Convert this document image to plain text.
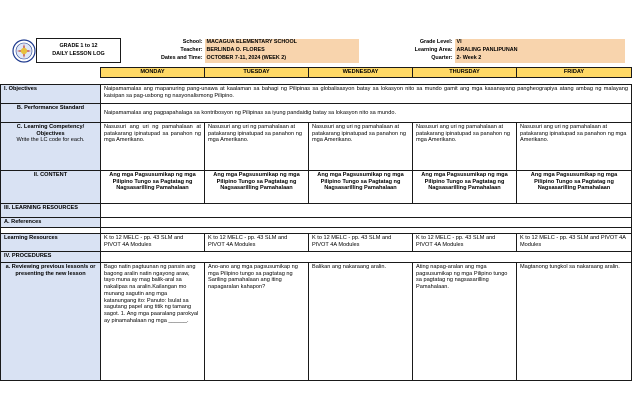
GRADE 1 to 12
DAILY LESSON LOG	School:	MACAGUA ELEMENTARY SCHOOL		Grade Level:	VI
	Teacher:	BERLINDA O. FLORES		Learning Area:	ARALING PANLIPUNAN
	Dates and Time:	OCTOBER 7-11, 2024 (WEEK 2)		Quarter:	2- Week 2
	MONDAY	TUESDAY	WEDNESDAY	THURSDAY	FRIDAY

I. Objectives	Naipamamalas ang mapanuring pang-unawa at kaalaman sa bahagi ng Pilipinas sa globalisasyon batay sa lokasyon nito sa mundo gamit ang mga kasanayang pangheograpiya atang ambag ng malayang kaisipan sa pag-usbong ng nasyonalismong Pilipino.				
B. Performance Standard	Naipamamalas ang pagpapahalaga sa kontribosyon ng Pilipinas sa iyung pandaidig batay sa lokasyon nito sa mundo.				
C. Learning Competency/ Objectives
Write the LC code for each.	Nasusuri ang uri ng pamahalaan at patakarang ipinatupad sa panahon ng mga Amerikano.	Nasusuri ang uri ng pamahalaan at patakarang ipinatupad sa panahon ng mga Amerikano.	Nasusuri ang uri ng pamahalaan at patakarang ipinatupad sa panahon ng mga Amerikano.	Nasusuri ang uri ng pamahalaan at patakarang ipinatupad sa panahon ng mga Amerikano.	Nasusuri ang uri ng pamahalaan at patakarang ipinatupad sa panahon ng mga Amerikano.
II. CONTENT	Ang mga Pagsusumikap ng mga Pilipino Tungo sa Pagtatag ng Nagsasarilling Pamahalaan	Ang mga Pagsusumikap ng mga Pilipino Tungo sa Pagtatag ng Nagsasarilling Pamahalaan	Ang mga Pagsusumikap ng mga Pilipino Tungo sa Pagtatag ng Nagsasarilling Pamahalaan	Ang mga Pagsusumikap ng mga Pilipino Tungo sa Pagtatag ng Nagsasarilling Pamahalaan	Ang mga Pagsusumikap ng mga Pilipino Tungo sa Pagtatag ng Nagsasarilling Pamahalaan
III. LEARNING RESOURCES					
A. References					

Learning Resources	K to 12 MELC - pp. 43 SLM and PIVOT 4A Modules	K to 12 MELC - pp. 43 SLM and PIVOT 4A Modules	K to 12 MELC - pp. 43 SLM and PIVOT 4A Modules	K to 12 MELC - pp. 43 SLM and PIVOT 4A Modules	K to 12 MELC - pp. 43 SLM and PIVOT 4A Modules
IV. PROCEDURES					
a. Reviewing previous lesson/s or presenting the new lesson	Bago natin pagtuunan ng pansin ang bagong aralin natin ngayong araw, tayo muna ay mag balik-aral sa nakalipas na aralin.Kailangan mo munang sagutin ang mga katanungang ito: Panuto: Isulat sa sagutang papel ang titik ng tamang sagot. 1. Ang mga paaralang parokyal ay pinamahalaan ng mga ______.	Ano-ano ang mga pagsusumikap ng mga Pilipino tungo sa pagtatag ng Sariling pamahalaan ang iting napagaralan kahapon?	Balikan ang nakaraang aralin.	Ating napag-aralan ang mga pagsusumikap ng mga Pilipino tungo sa pagtatag ng nagsasarilling Pamahalaan.	Magtanong tungkol sa nakaraang aralin.
